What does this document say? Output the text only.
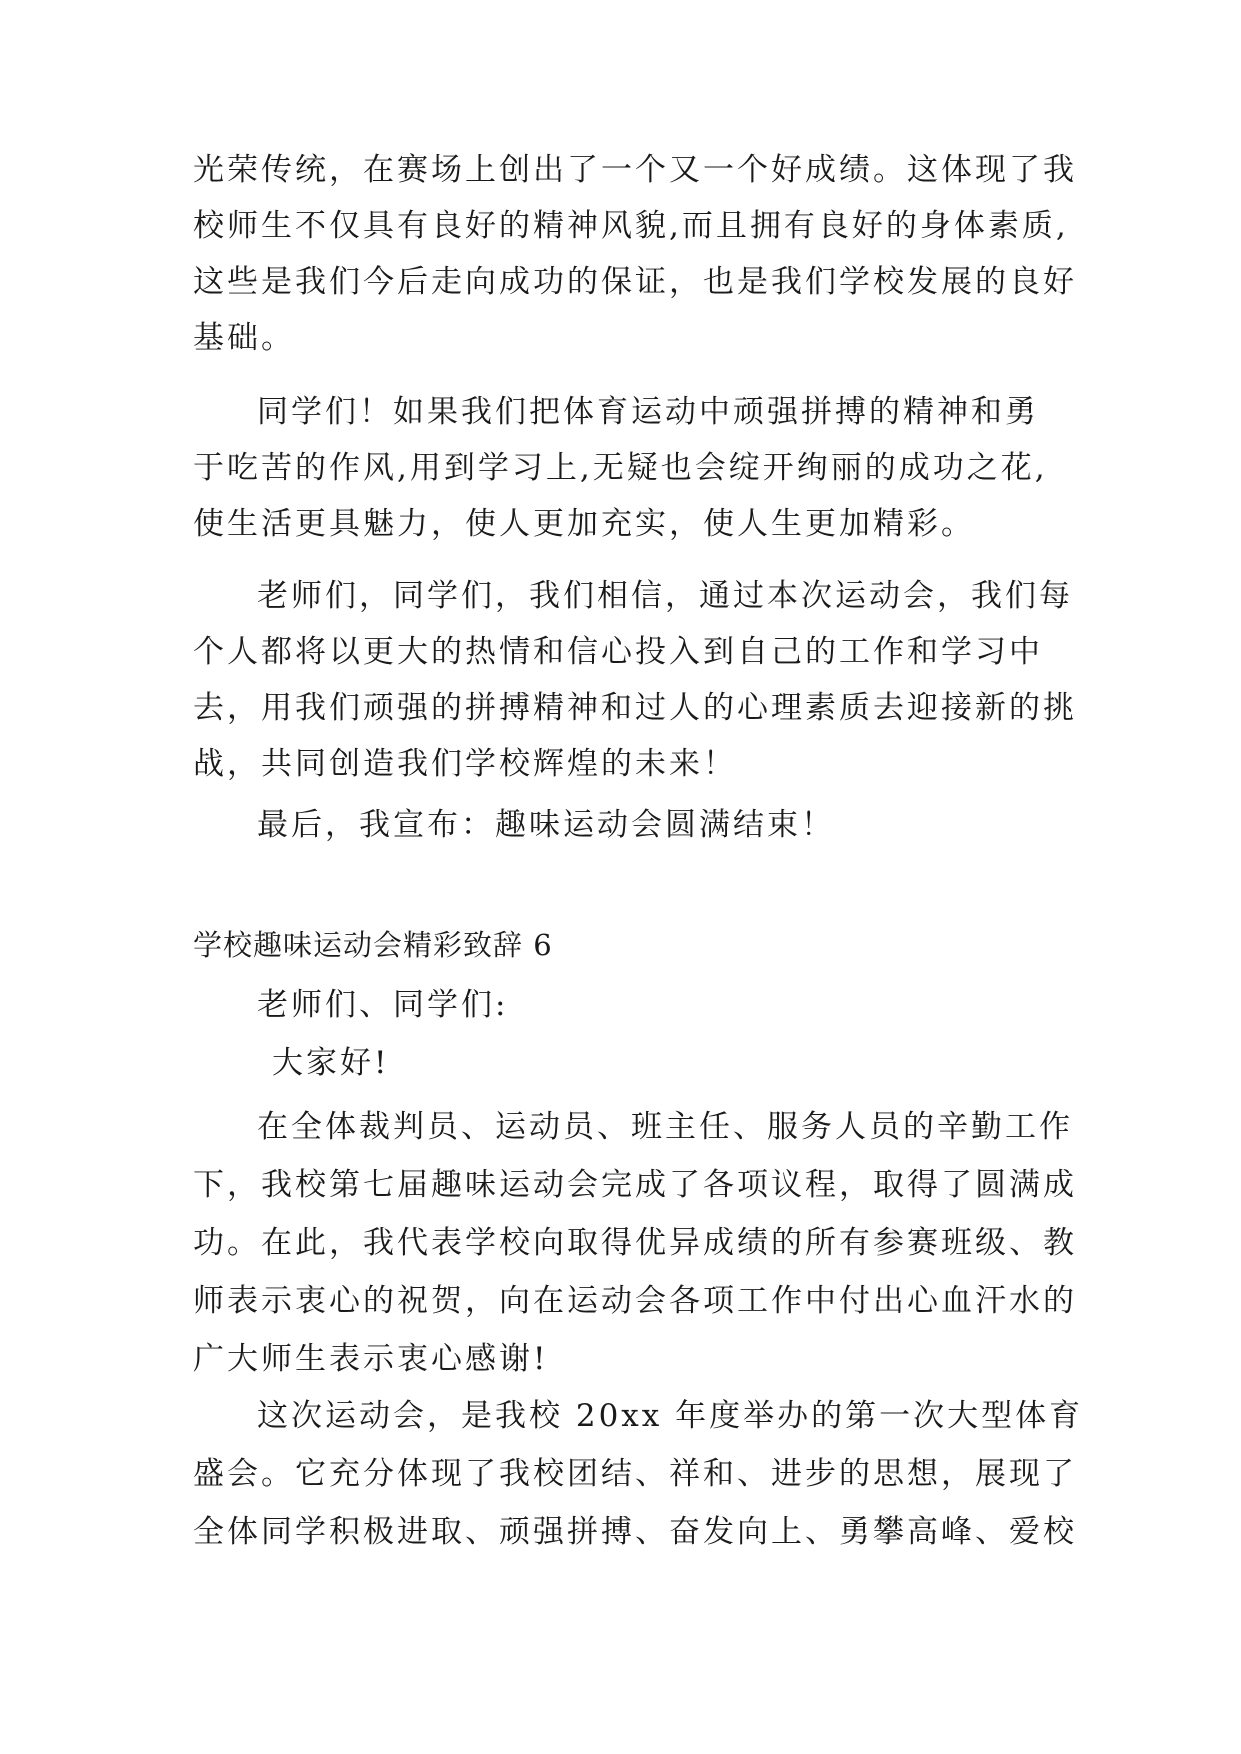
光荣传统，在赛场上创出了一个又一个好成绩。这体现了我
校师生不仅具有良好的精神风貌,而且拥有良好的身体素质,
这些是我们今后走向成功的保证，也是我们学校发展的良好
基础。
同学们！如果我们把体育运动中顽强拼搏的精神和勇
于吃苦的作风,用到学习上,无疑也会绽开绚丽的成功之花,
使生活更具魅力，使人更加充实，使人生更加精彩。
老师们，同学们，我们相信，通过本次运动会，我们每
个人都将以更大的热情和信心投入到自己的工作和学习中
去，用我们顽强的拼搏精神和过人的心理素质去迎接新的挑
战，共同创造我们学校辉煌的未来！
最后，我宣布：趣味运动会圆满结束！
学校趣味运动会精彩致辞 6
老师们、同学们:
大家好!
在全体裁判员、运动员、班主任、服务人员的辛勤工作
下，我校第七届趣味运动会完成了各项议程，取得了圆满成
功。在此，我代表学校向取得优异成绩的所有参赛班级、教
师表示衷心的祝贺，向在运动会各项工作中付出心血汗水的
广大师生表示衷心感谢!
这次运动会，是我校 20xx 年度举办的第一次大型体育
盛会。它充分体现了我校团结、祥和、进步的思想，展现了
全体同学积极进取、顽强拼搏、奋发向上、勇攀高峰、爱校
